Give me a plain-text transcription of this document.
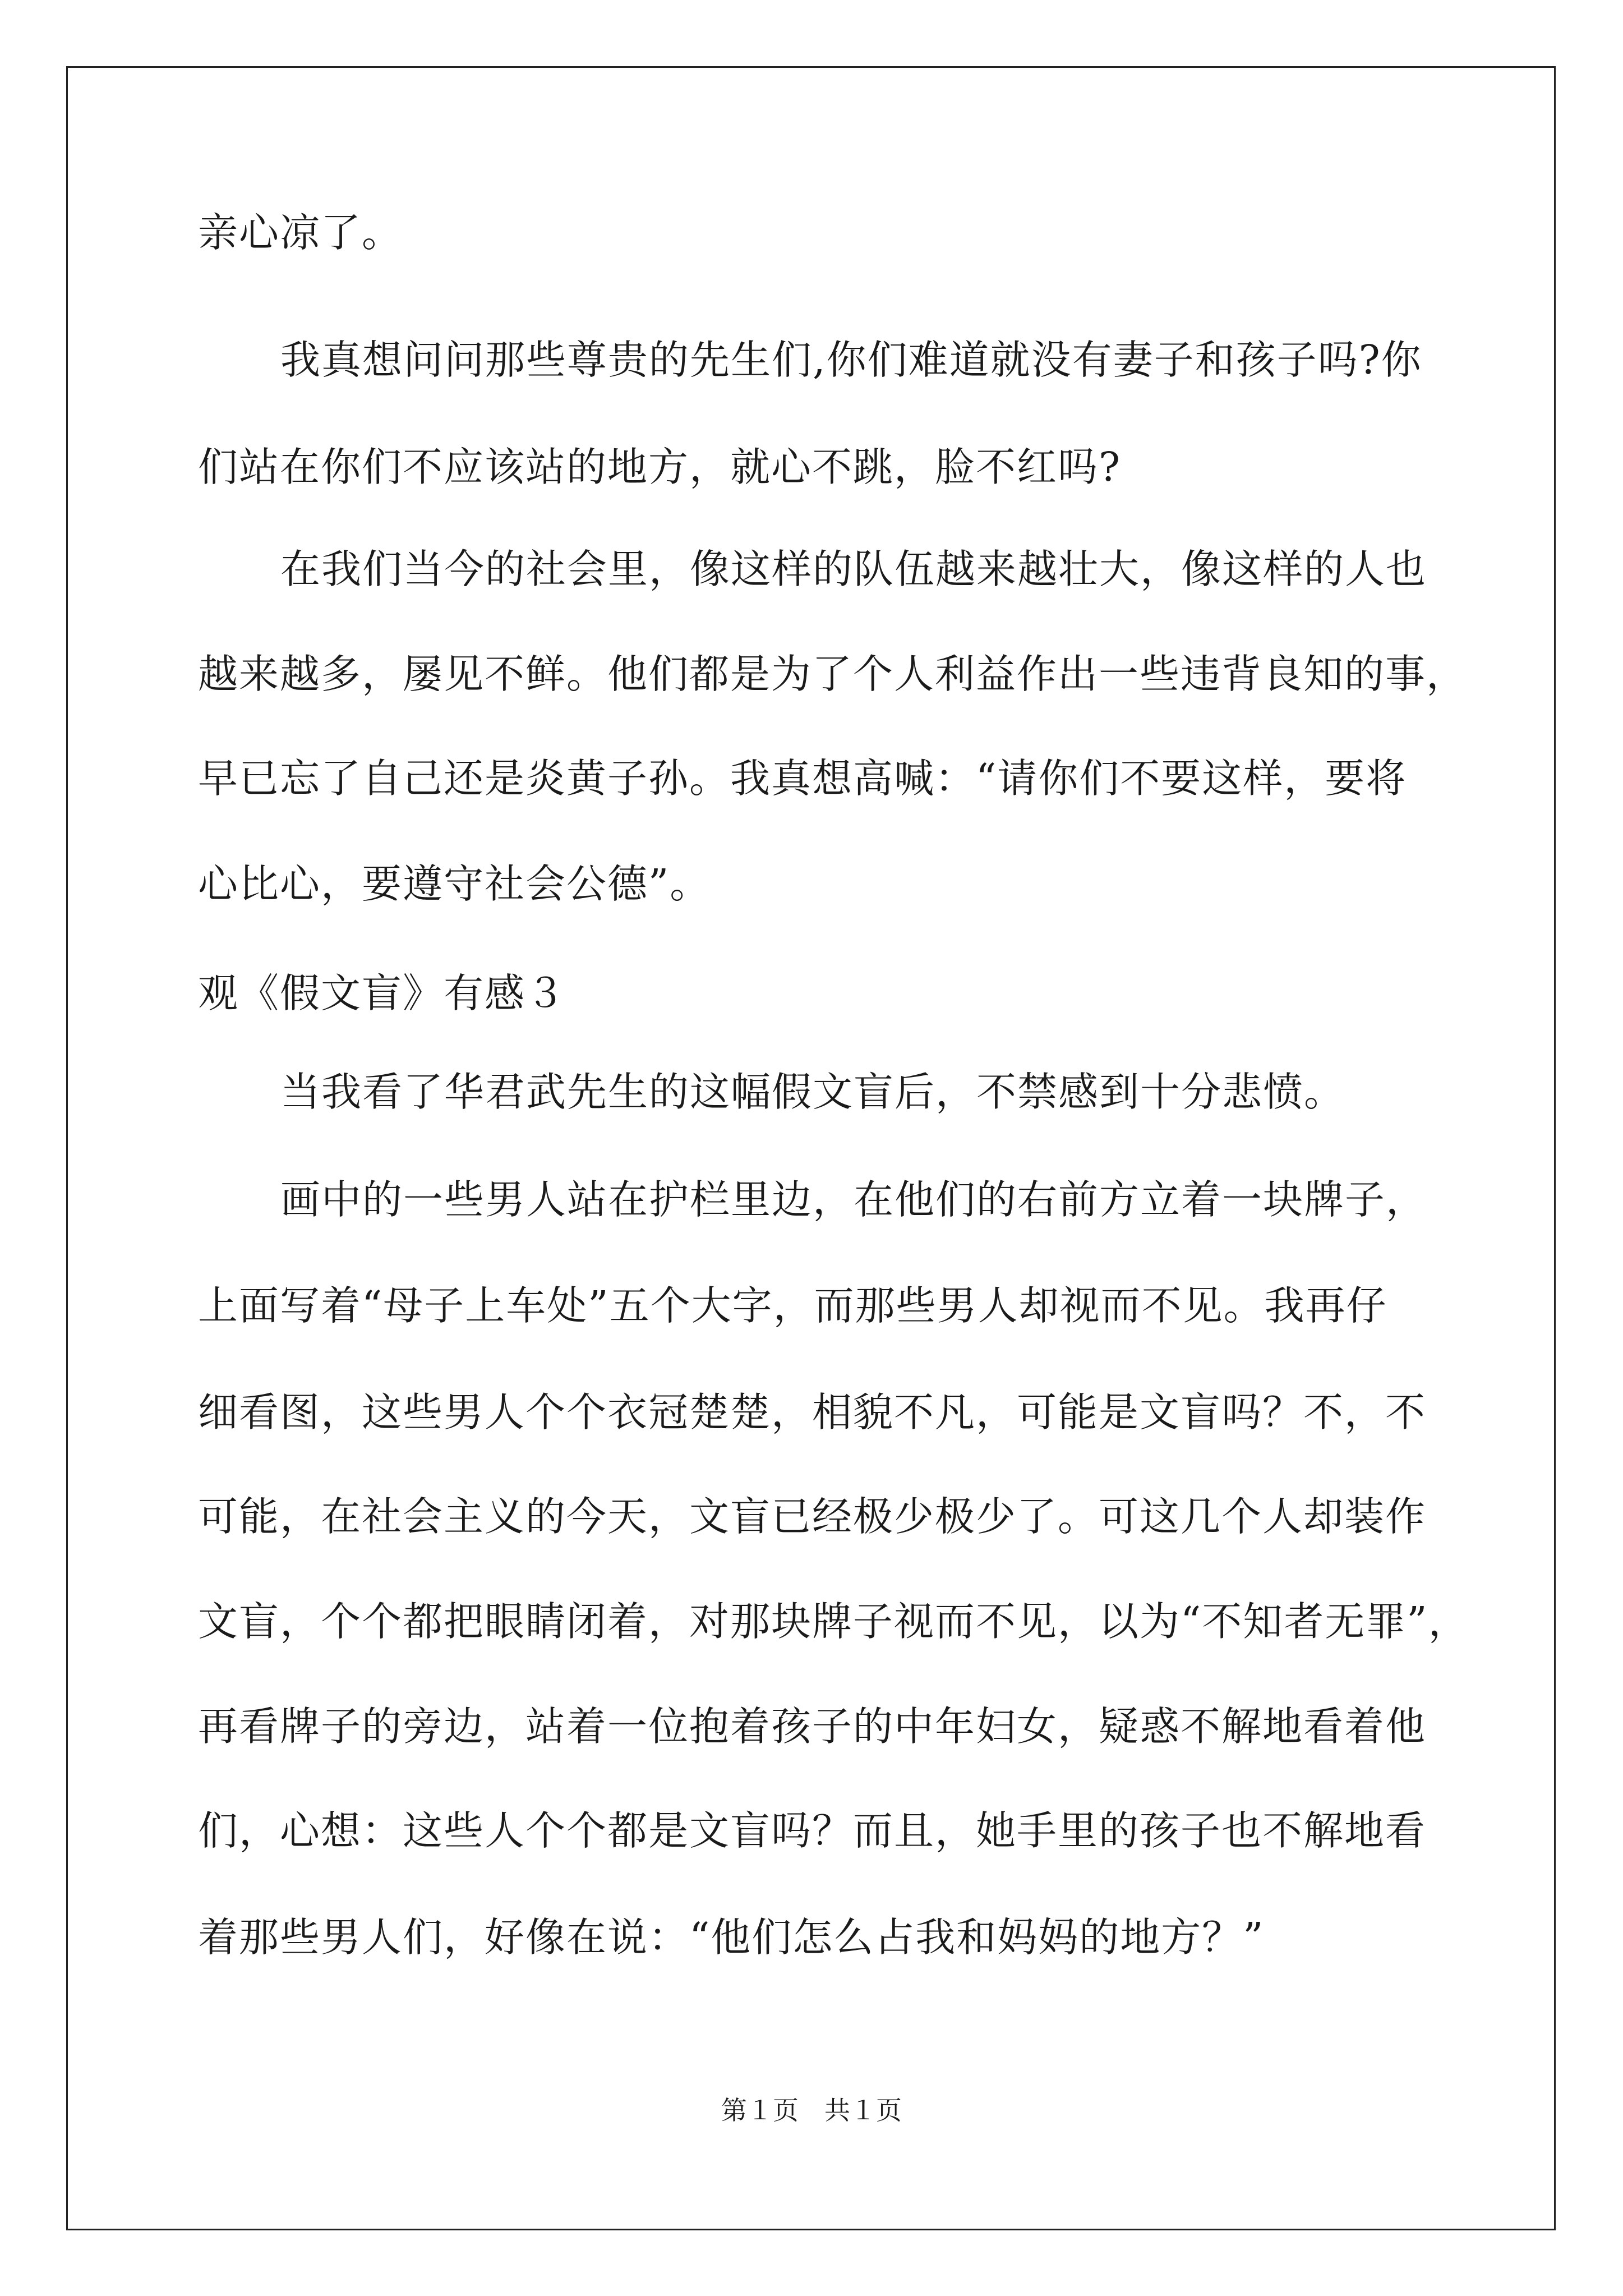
亲心凉了。
我真想问问那些尊贵的先生们,你们难道就没有妻子和孩子吗?你
们站在你们不应该站的地方，就心不跳，脸不红吗?
在我们当今的社会里，像这样的队伍越来越壮大，像这样的人也
越来越多，屡见不鲜。他们都是为了个人利益作出一些违背良知的事，
早已忘了自己还是炎黄子孙。我真想高喊：“请你们不要这样，要将
心比心，要遵守社会公德”。
观《假文盲》有感３
当我看了华君武先生的这幅假文盲后，不禁感到十分悲愤。
画中的一些男人站在护栏里边，在他们的右前方立着一块牌子，
上面写着“母子上车处”五个大字，而那些男人却视而不见。我再仔
细看图，这些男人个个衣冠楚楚，相貌不凡，可能是文盲吗？不，不
可能，在社会主义的今天，文盲已经极少极少了。可这几个人却装作
文盲，个个都把眼睛闭着，对那块牌子视而不见，以为“不知者无罪”，
再看牌子的旁边，站着一位抱着孩子的中年妇女，疑惑不解地看着他
们，心想：这些人个个都是文盲吗？而且，她手里的孩子也不解地看
着那些男人们，好像在说：“他们怎么占我和妈妈的地方？”
第１页　共１页
